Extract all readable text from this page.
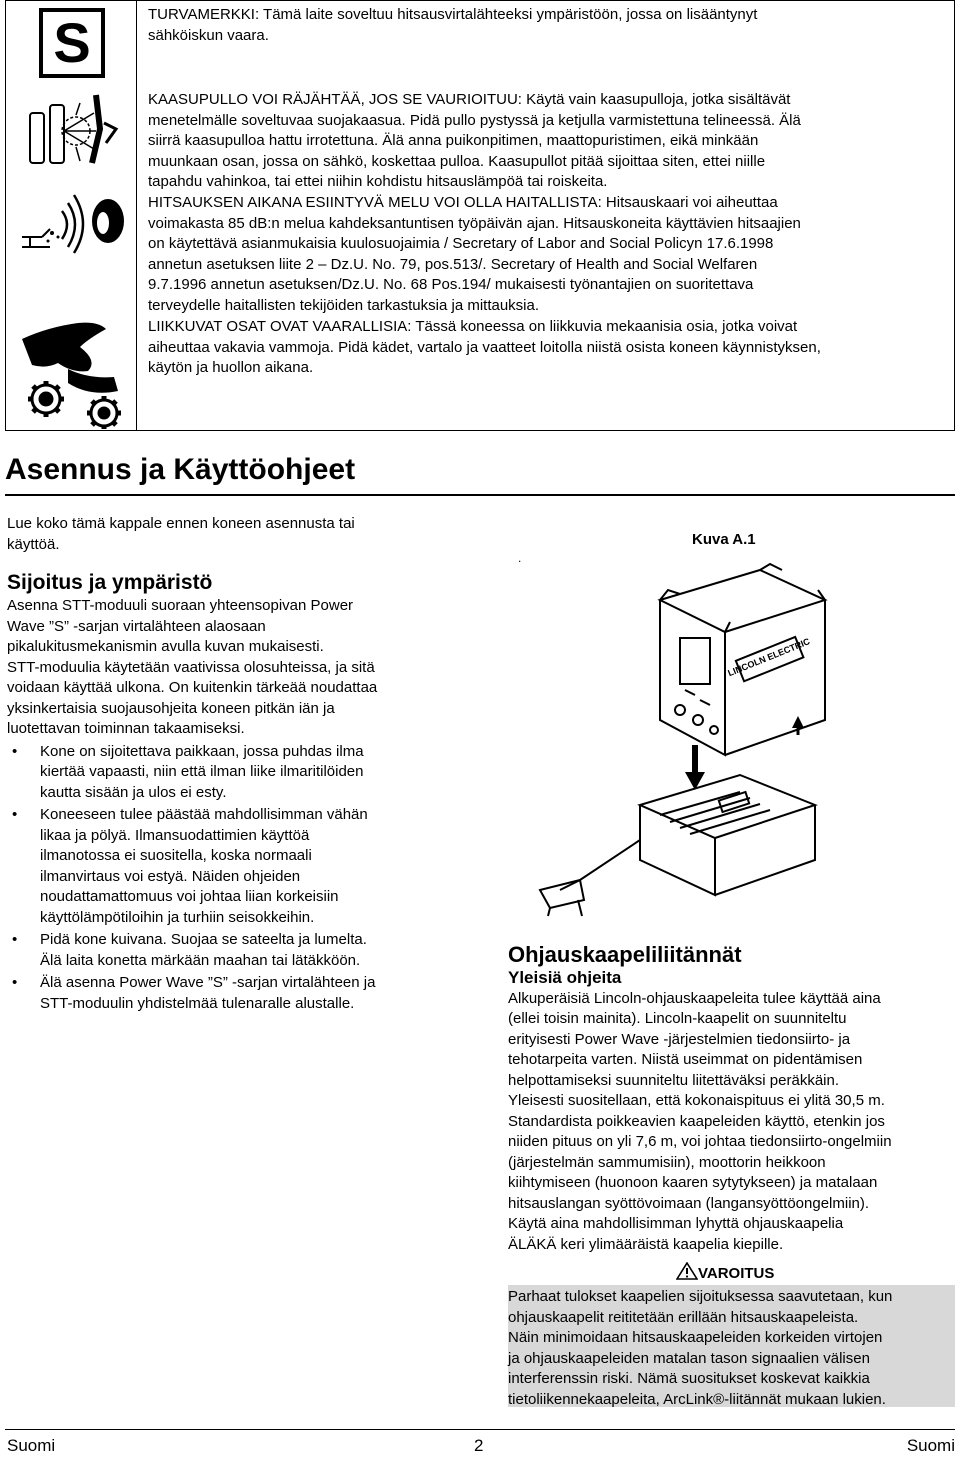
S	TURVAMERKKI: Tämä laite soveltuu hitsausvirtalähteeksi ympäristöön, jossa on lisääntynyt

sähköiskun vaara.

KAASUPULLO VOI RÄJÄHTÄÄ, JOS SE VAURIOITUU: Käytä vain kaasupulloja, jotka sisältävät

menetelmälle soveltuvaa suojakaasua. Pidä pullo pystyssä ja ketjulla varmistettuna telineessä. Älä

siirrä kaasupulloa hattu irrotettuna. Älä anna puikonpitimen, maattopuristimen, eikä minkään

muunkaan osan, jossa on sähkö, koskettaa pulloa. Kaasupullot pitää sijoittaa siten, ettei niille

tapahdu vahinkoa, tai ettei niihin kohdistu hitsauslämpöä tai roiskeita.

HITSAUKSEN AIKANA ESIINTYVÄ MELU VOI OLLA HAITALLISTA: Hitsauskaari voi aiheuttaa

voimakasta 85 dB:n melua kahdeksantuntisen työpäivän ajan. Hitsauskoneita käyttävien hitsaajien

on käytettävä asianmukaisia kuulosuojaimia / Secretary of Labor and Social Policyn 17.6.1998

annetun asetuksen liite 2 – Dz.U. No. 79, pos.513/. Secretary of Health and Social Welfaren

9.7.1996 annetun asetuksen/Dz.U. No. 68 Pos.194/ mukaisesti työnantajien on suoritettava

terveydelle haitallisten tekijöiden tarkastuksia ja mittauksia.

LIIKKUVAT OSAT OVAT VAARALLISIA: Tässä koneessa on liikkuvia mekaanisia osia, jotka voivat

aiheuttaa vakavia vammoja. Pidä kädet, vartalo ja vaatteet loitolla niistä osista koneen käynnistyksen,

käytön ja huollon aikana.

Asennus ja Käyttöohjeet

Lue koko tämä kappale ennen koneen asennusta tai

käyttöä.

Sijoitus ja ympäristö

Asenna STT-moduuli suoraan yhteensopivan Power

Wave ”S” -sarjan virtalähteen alaosaan

pikalukitusmekanismin avulla kuvan mukaisesti.

STT-moduulia käytetään vaativissa olosuhteissa, ja sitä

voidaan käyttää ulkona. On kuitenkin tärkeää noudattaa

yksinkertaisia suojausohjeita koneen pitkän iän ja

luotettavan toiminnan takaamiseksi.

• Kone on sijoitettava paikkaan, jossa puhdas ilma
kiertää vapaasti, niin että ilman liike ilmaritilöiden
kautta sisään ja ulos ei esty.
• Koneeseen tulee päästää mahdollisimman vähän
likaa ja pölyä. Ilmansuodattimien käyttöä
ilmanotossa ei suositella, koska normaali
ilmanvirtaus voi estyä. Näiden ohjeiden
noudattamattomuus voi johtaa liian korkeisiin
käyttölämpötiloihin ja turhiin seisokkeihin.
• Pidä kone kuivana. Suojaa se sateelta ja lumelta.
Älä laita konetta märkään maahan tai lätäkköön.
• Älä asenna Power Wave ”S” -sarjan virtalähteen ja
STT-moduulin yhdistelmää tulenaralle alustalle.
Kuva A.1
.
LINCOLN ELECTRIC
Ohjauskaapeliliitännät
Yleisiä ohjeita

Alkuperäisiä Lincoln-ohjauskaapeleita tulee käyttää aina

(ellei toisin mainita). Lincoln-kaapelit on suunniteltu

erityisesti Power Wave -järjestelmien tiedonsiirto- ja

tehotarpeita varten. Niistä useimmat on pidentämisen

helpottamiseksi suunniteltu liitettäväksi peräkkäin.

Yleisesti suositellaan, että kokonaispituus ei ylitä 30,5 m.

Standardista poikkeavien kaapeleiden käyttö, etenkin jos

niiden pituus on yli 7,6 m, voi johtaa tiedonsiirto-ongelmiin

(järjestelmän sammumisiin), moottorin heikkoon

kiihtymiseen (huonoon kaaren sytytykseen) ja matalaan

hitsauslangan syöttövoimaan (langansyöttöongelmiin).

Käytä aina mahdollisimman lyhyttä ohjauskaapelia

ÄLÄKÄ keri ylimääräistä kaapelia kiepille.

VAROITUS

Parhaat tulokset kaapelien sijoituksessa saavutetaan, kun

ohjauskaapelit reititetään erillään hitsauskaapeleista.

Näin minimoidaan hitsauskaapeleiden korkeiden virtojen

ja ohjauskaapeleiden matalan tason signaalien välisen

interferenssin riski. Nämä suositukset koskevat kaikkia

tietoliikennekaapeleita, ArcLink®-liitännät mukaan lukien.

Suomi	2	Suomi
